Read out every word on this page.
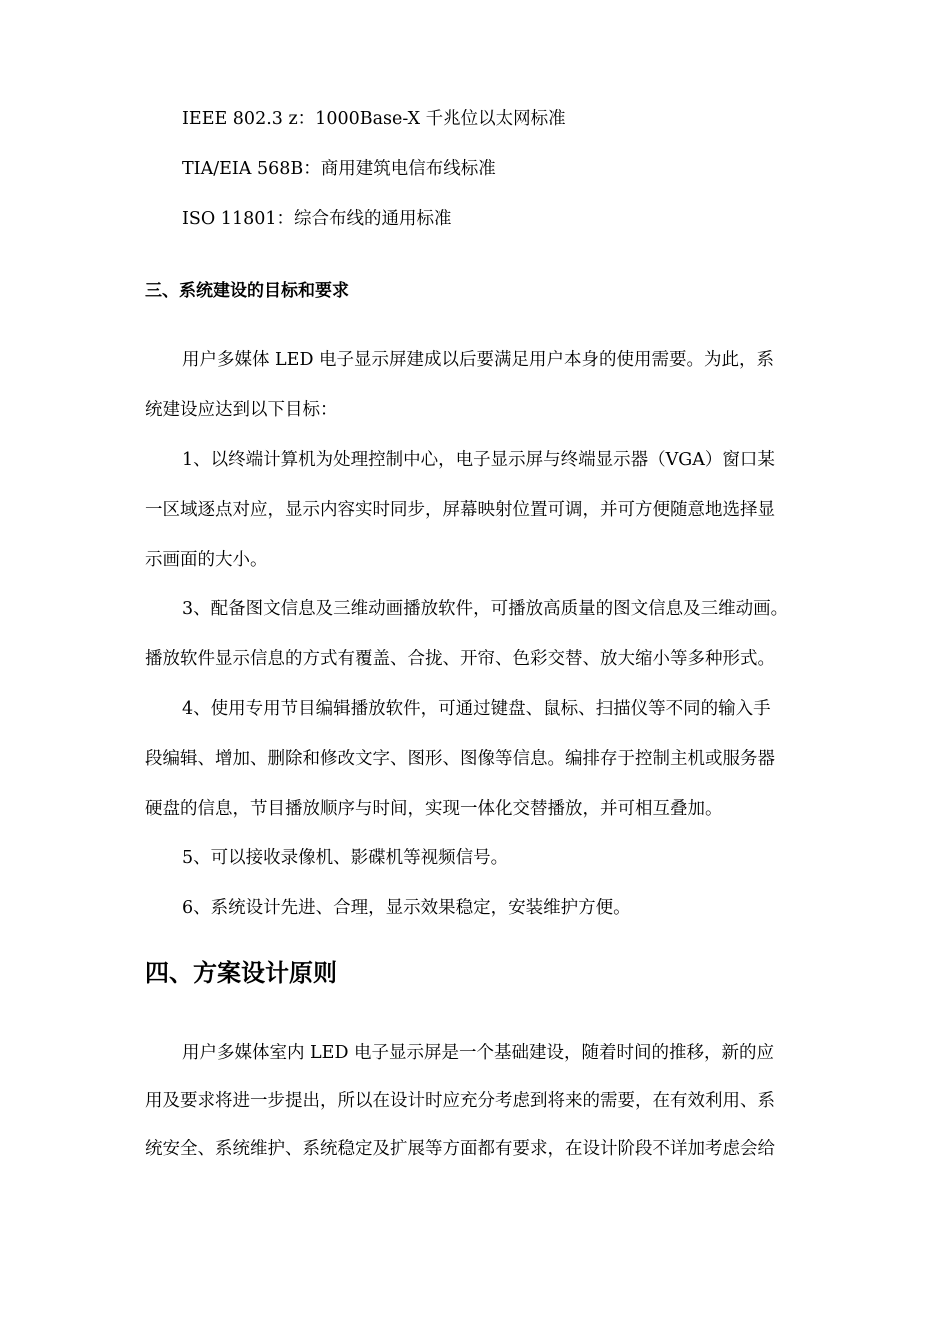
IEEE 802.3 z：1000Base-X 千兆位以太网标准

TIA/EIA 568B：商用建筑电信布线标准

ISO 11801：综合布线的通用标准

三、系统建设的目标和要求

用户多媒体 LED 电子显示屏建成以后要满足用户本身的使用需要。为此，系

统建设应达到以下目标：

1、以终端计算机为处理控制中心，电子显示屏与终端显示器（VGA）窗口某

一区域逐点对应，显示内容实时同步，屏幕映射位置可调，并可方便随意地选择显

示画面的大小。

3、配备图文信息及三维动画播放软件，可播放高质量的图文信息及三维动画。

播放软件显示信息的方式有覆盖、合拢、开帘、色彩交替、放大缩小等多种形式。

4、使用专用节目编辑播放软件，可通过键盘、鼠标、扫描仪等不同的输入手

段编辑、增加、删除和修改文字、图形、图像等信息。编排存于控制主机或服务器

硬盘的信息，节目播放顺序与时间，实现一体化交替播放，并可相互叠加。

5、可以接收录像机、影碟机等视频信号。

6、系统设计先进、合理，显示效果稳定，安装维护方便。

四、方案设计原则

用户多媒体室内 LED 电子显示屏是一个基础建设，随着时间的推移，新的应

用及要求将进一步提出，所以在设计时应充分考虑到将来的需要，在有效利用、系

统安全、系统维护、系统稳定及扩展等方面都有要求，在设计阶段不详加考虑会给
